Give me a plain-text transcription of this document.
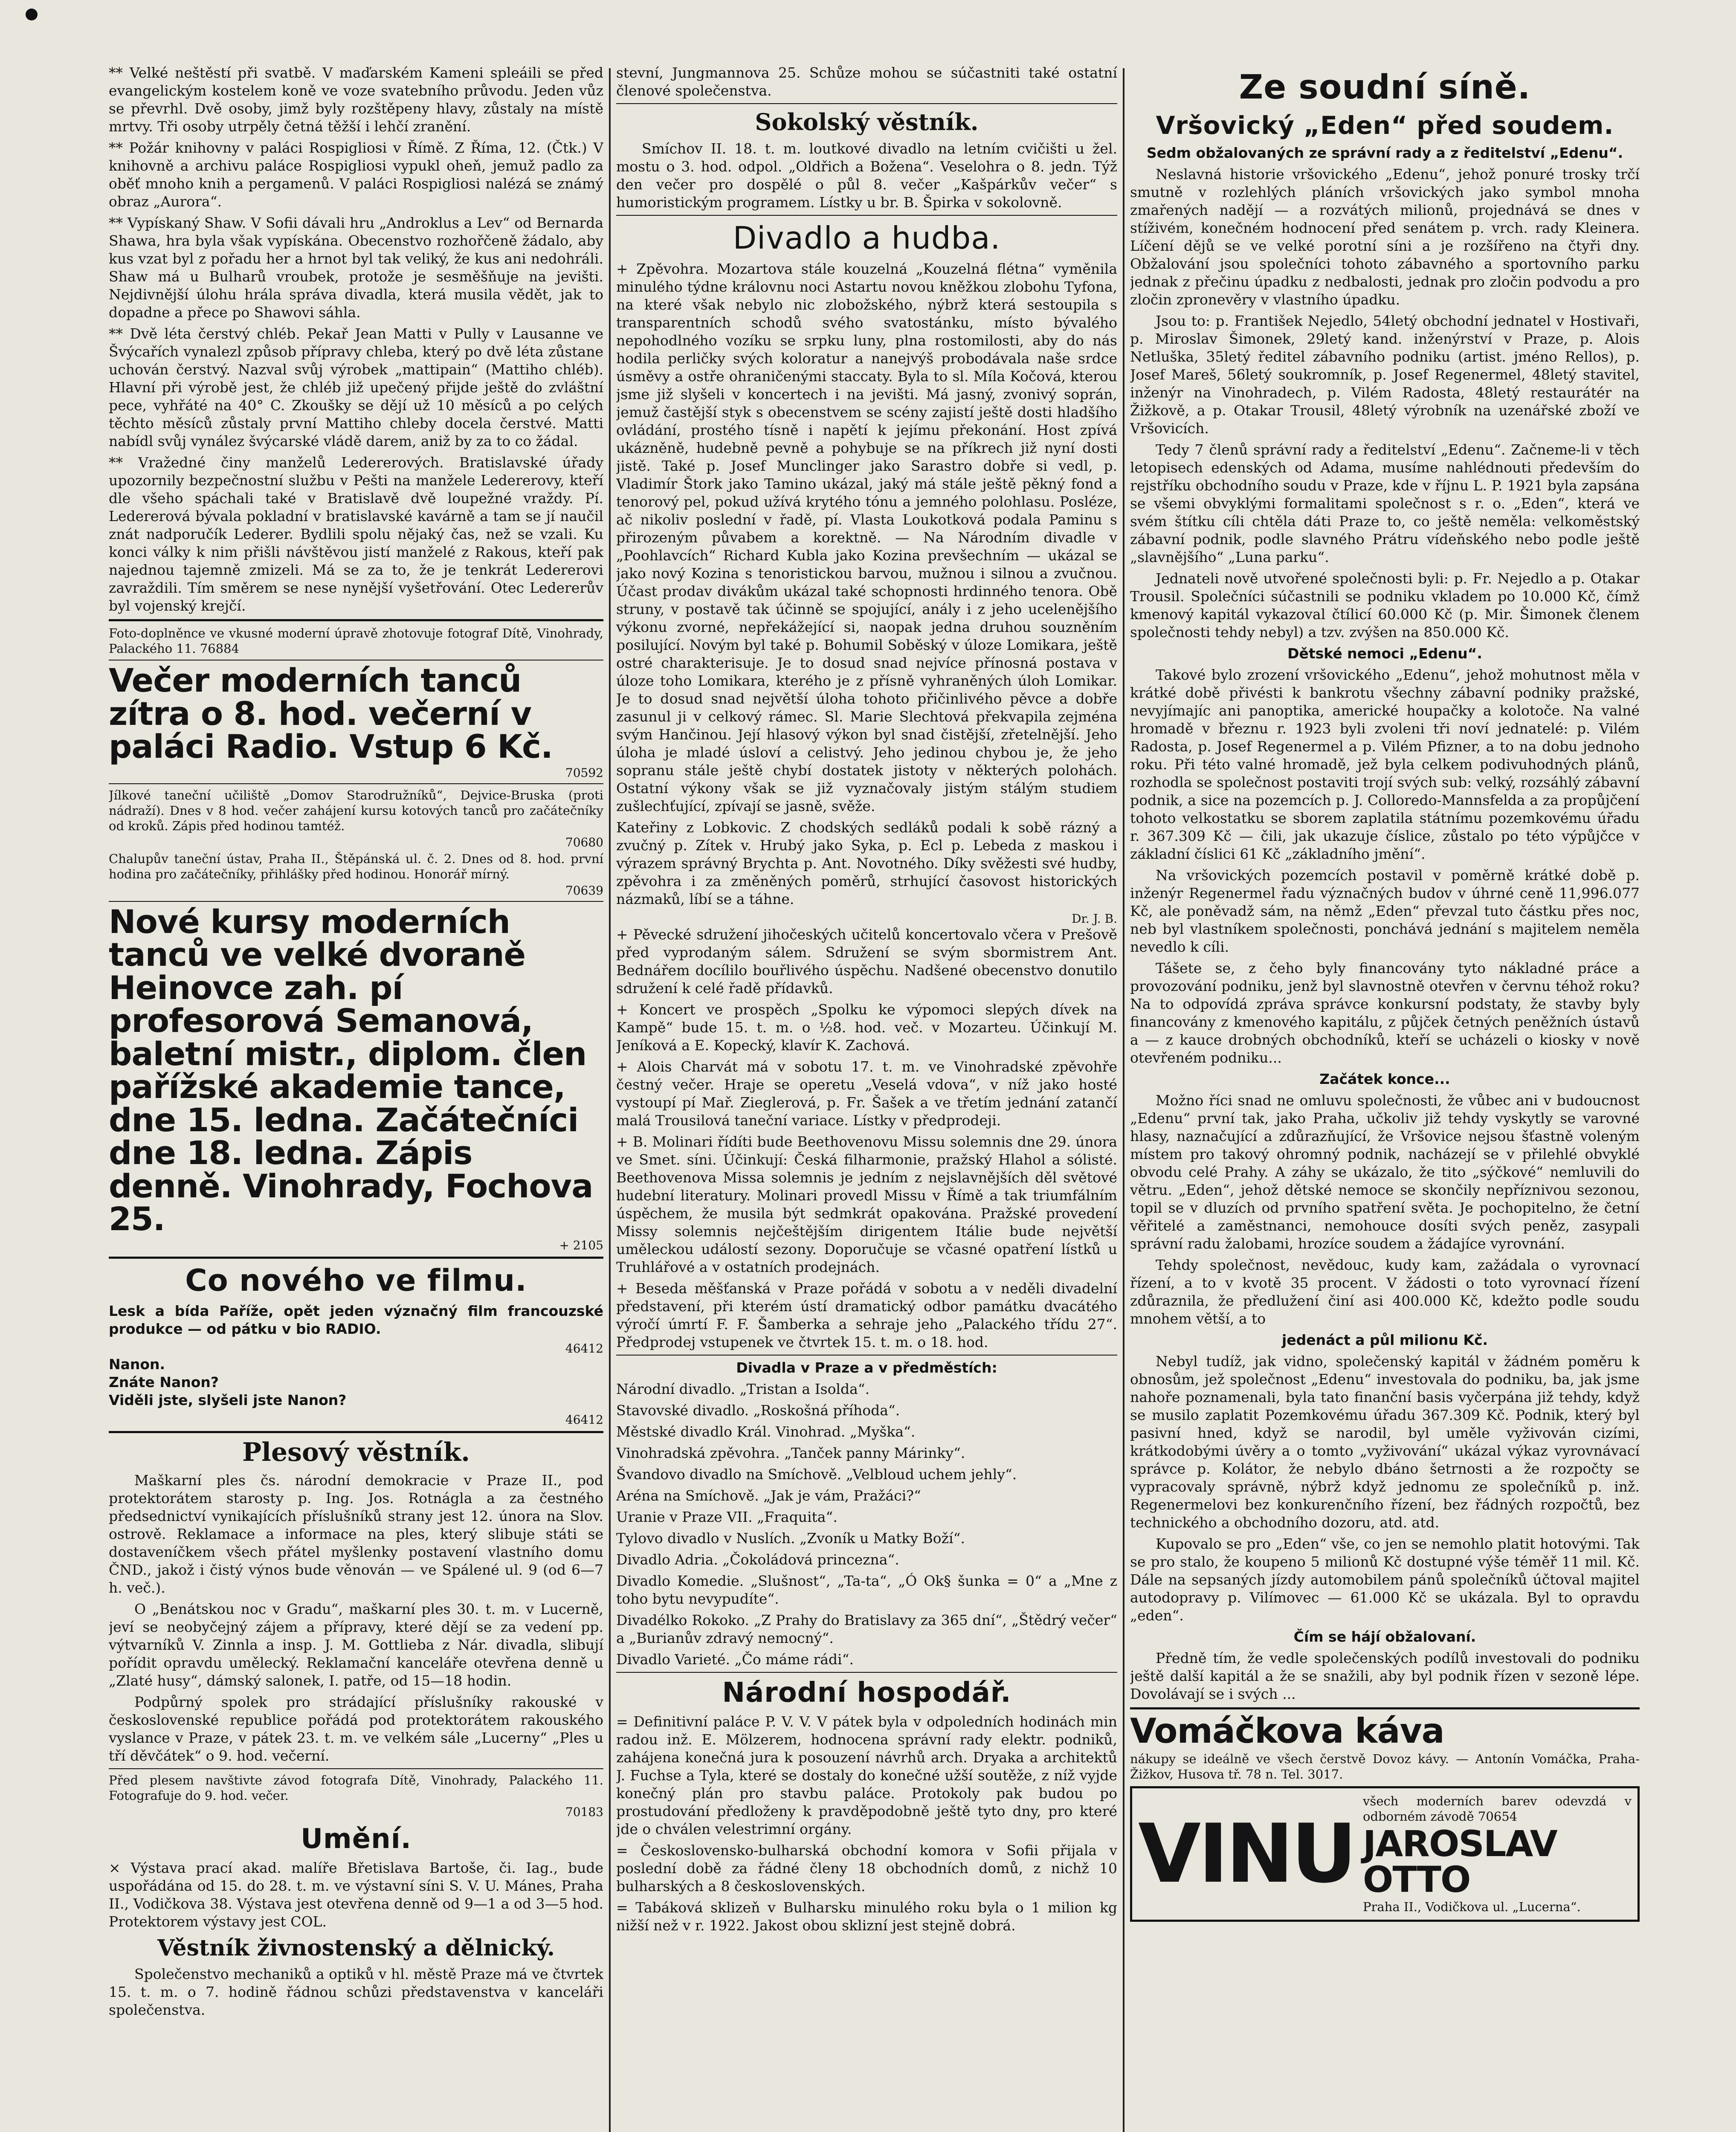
** Velké neštěstí při svatbě. V maďarském Kameni spleáili se před evangelickým kostelem koně ve voze svatebního průvodu. Jeden vůz se převrhl. Dvě osoby, jimž byly rozštěpeny hlavy, zůstaly na místě mrtvy. Tři osoby utrpěly četná těžší i lehčí zranění.

** Požár knihovny v paláci Rospigliosi v Římě. Z Říma, 12. (Čtk.) V knihovně a archivu paláce Rospigliosi vypukl oheň, jemuž padlo za oběť mnoho knih a pergamenů. V paláci Rospigliosi nalézá se známý obraz „Aurora“.

** Vypískaný Shaw. V Sofii dávali hru „Androklus a Lev“ od Bernarda Shawa, hra byla však vypískána. Obecenstvo rozhořčeně žádalo, aby kus vzat byl z pořadu her a hrnot byl tak veliký, že kus ani nedohráli. Shaw má u Bulharů vroubek, protože je sesměšňuje na jevišti. Nejdivnější úlohu hrála správa divadla, která musila vědět, jak to dopadne a přece po Shawovi sáhla.

** Dvě léta čerstvý chléb. Pekař Jean Matti v Pully v Lausanne ve Švýcařích vynalezl způsob přípravy chleba, který po dvě léta zůstane uchován čerstvý. Nazval svůj výrobek „mattipain“ (Mattiho chléb). Hlavní při výrobě jest, že chléb již upečený přijde ještě do zvláštní pece, vyhřáté na 40° C. Zkoušky se dějí už 10 měsíců a po celých těchto měsíců zůstaly první Mattiho chleby docela čerstvé. Matti nabídl svůj vynález švýcarské vládě darem, aniž by za to co žádal.

** Vražedné činy manželů Ledererových. Bratislavské úřady upozornily bezpečnostní službu v Pešti na manžele Ledererovy, kteří dle všeho spáchali také v Bratislavě dvě loupežné vraždy. Pí. Ledererová bývala pokladní v bratislavské kavárně a tam se jí naučil znát nadporučík Lederer. Bydlili spolu nějaký čas, než se vzali. Ku konci války k nim přišli návštěvou jistí manželé z Rakous, kteří pak najednou tajemně zmizeli. Má se za to, že je tenkrát Ledererovi zavraždili. Tím směrem se nese nynější vyšetřování. Otec Ledererův byl vojenský krejčí.

Foto-doplněnce ve vkusné moderní úpravě zhotovuje fotograf Dítě, Vinohrady, Palackého 11. 76884

Večer moderních tanců zítra o 8. hod. večerní v paláci Radio. Vstup 6 Kč.
70592

Jílkové taneční učiliště „Domov Starodružníků“, Dejvice-Bruska (proti nádraží). Dnes v 8 hod. večer zahájení kursu kotových tanců pro začátečníky od kroků. Zápis před hodinou tamtéž.

70680

Chalupův taneční ústav, Praha II., Štěpánská ul. č. 2. Dnes od 8. hod. první hodina pro začátečníky, přihlášky před hodinou. Honorář mírný.

70639
Nové kursy moderních tanců ve velké dvoraně Heinovce zah. pí profesorová Semanová, baletní mistr., diplom. člen pařížské akademie tance, dne 15. ledna. Začátečníci dne 18. ledna. Zápis denně. Vinohrady, Fochova 25.
+ 2105
Co nového ve filmu.

Lesk a bída Paříže, opět jeden význačný film francouzské produkce — od pátku v bio RADIO.

46412
Nanon.
Znáte Nanon?
Viděli jste, slyšeli jste Nanon?
46412
Plesový věstník.

Maškarní ples čs. národní demokracie v Praze II., pod protektorátem starosty p. Ing. Jos. Rotnágla a za čestného předsednictví vynikajících příslušníků strany jest 12. února na Slov. ostrově. Reklamace a informace na ples, který slibuje státi se dostaveníčkem všech přátel myšlenky postavení vlastního domu ČND., jakož i čistý výnos bude věnován — ve Spálené ul. 9 (od 6—7 h. več.).

O „Benátskou noc v Gradu“, maškarní ples 30. t. m. v Lucerně, jeví se neobyčejný zájem a přípravy, které dějí se za vedení pp. výtvarníků V. Zinnla a insp. J. M. Gottlieba z Nár. divadla, slibují pořídit opravdu umělecký. Reklamační kanceláře otevřena denně u „Zlaté husy“, dámský salonek, I. patře, od 15—18 hodin.

Podpůrný spolek pro strádající příslušníky rakouské v československé republice pořádá pod protektorátem rakouského vyslance v Praze, v pátek 23. t. m. ve velkém sále „Lucerny“ „Ples u tří děvčátek“ o 9. hod. večerní.

Před plesem navštivte závod fotografa Dítě, Vinohrady, Palackého 11. Fotografuje do 9. hod. večer.

70183
Umění.

× Výstava prací akad. malíře Břetislava Bartoše, či. Iag., bude uspořádána od 15. do 28. t. m. ve výstavní síni S. V. U. Mánes, Praha II., Vodičkova 38. Výstava jest otevřena denně od 9—1 a od 3—5 hod. Protektorem výstavy jest COL.

Věstník živnostenský a dělnický.

Společenstvo mechaniků a optiků v hl. městě Praze má ve čtvrtek 15. t. m. o 7. hodině řádnou schůzi představenstva v kanceláři společenstva.

stevní, Jungmannova 25. Schůze mohou se súčastniti také ostatní členové společenstva.

Sokolský věstník.

Smíchov II. 18. t. m. loutkové divadlo na letním cvičišti u žel. mostu o 3. hod. odpol. „Oldřich a Božena“. Veselohra o 8. jedn. Týž den večer pro dospělé o půl 8. večer „Kašpárkův večer“ s humoristickým programem. Lístky u br. B. Špirka v sokolovně.

Divadlo a hudba.

+ Zpěvohra. Mozartova stále kouzelná „Kouzelná flétna“ vyměnila minulého týdne královnu noci Astartu novou kněžkou zlobohu Tyfona, na které však nebylo nic zlobožského, nýbrž která sestoupila s transparentních schodů svého svatostánku, místo bývalého nepohodlného vozíku se srpku luny, plna rostomilosti, aby do nás hodila perličky svých koloratur a nanejvýš probodávala naše srdce úsměvy a ostře ohraničenými staccaty. Byla to sl. Míla Kočová, kterou jsme již slyšeli v koncertech i na jevišti. Má jasný, zvonivý soprán, jemuž častější styk s obecenstvem se scény zajistí ještě dosti hladšího ovládání, prostého tísně i napětí k jejímu překonání. Host zpívá ukázněně, hudebně pevně a pohybuje se na příkrech již nyní dosti jistě. Také p. Josef Munclinger jako Sarastro dobře si vedl, p. Vladimír Štork jako Tamino ukázal, jaký má stále ještě pěkný fond a tenorový pel, pokud užívá krytého tónu a jemného polohlasu. Posléze, ač nikoliv poslední v řadě, pí. Vlasta Loukotková podala Paminu s přirozeným půvabem a korektně. — Na Národním divadle v „Poohlavcích“ Richard Kubla jako Kozina prevšechním — ukázal se jako nový Kozina s tenoristickou barvou, mužnou i silnou a zvučnou. Účast prodav divákům ukázal také schopnosti hrdinného tenora. Obě struny, v postavě tak účinně se spojující, anály i z jeho ucelenějšího výkonu zvorné, nepřekážející si, naopak jedna druhou souzněním posilující. Novým byl také p. Bohumil Soběský v úloze Lomikara, ještě ostré charakterisuje. Je to dosud snad nejvíce přínosná postava v úloze toho Lomikara, kterého je z přísně vyhraněných úloh Lomikar. Je to dosud snad největší úloha tohoto přičinlivého pěvce a dobře zasunul ji v celkový rámec. Sl. Marie Slechtová překvapila zejména svým Hančinou. Její hlasový výkon byl snad čistější, zřetelnější. Jeho úloha je mladé úsloví a celistvý. Jeho jedinou chybou je, že jeho sopranu stále ještě chybí dostatek jistoty v některých polohách. Ostatní výkony však se již vyznačovaly jistým stálým studiem zušlechťující, zpívají se jasně, svěže.

Kateřiny z Lobkovic. Z chodských sedláků podali k sobě rázný a zvučný p. Zítek v. Hrubý jako Syka, p. Ecl p. Lebeda z maskou i výrazem správný Brychta p. Ant. Novotného. Díky svěžesti své hudby, zpěvohra i za změněných poměrů, strhující časovost historických názmaků, líbí se a táhne.

Dr. J. B.

+ Pěvecké sdružení jihočeských učitelů koncertovalo včera v Prešově před vyprodaným sálem. Sdružení se svým sbormistrem Ant. Bednářem docílilo bouřlivého úspěchu. Nadšené obecenstvo donutilo sdružení k celé řadě přídavků.

+ Koncert ve prospěch „Spolku ke výpomoci slepých dívek na Kampě“ bude 15. t. m. o ½8. hod. več. v Mozarteu. Účinkují M. Jeníková a E. Kopecký, klavír K. Zachová.

+ Alois Charvát má v sobotu 17. t. m. ve Vinohradské zpěvohře čestný večer. Hraje se operetu „Veselá vdova“, v níž jako hosté vystoupí pí Mař. Zieglerová, p. Fr. Šašek a ve třetím jednání zatančí malá Trousilová taneční variace. Lístky v předprodeji.

+ B. Molinari řídíti bude Beethovenovu Missu solemnis dne 29. února ve Smet. síni. Účinkují: Česká filharmonie, pražský Hlahol a sólisté. Beethovenova Missa solemnis je jedním z nejslavnějších děl světové hudební literatury. Molinari provedl Missu v Římě a tak triumfálním úspěchem, že musila být sedmkrát opakována. Pražské provedení Missy solemnis nejčeštějším dirigentem Itálie bude největší uměleckou událostí sezony. Doporučuje se včasné opatření lístků u Truhlářové a v ostatních prodejnách.

+ Beseda měšťanská v Praze pořádá v sobotu a v neděli divadelní představení, při kterém ústí dramatický odbor památku dvacátého výročí úmrtí F. F. Šamberka a sehraje jeho „Palackého třídu 27“. Předprodej vstupenek ve čtvrtek 15. t. m. o 18. hod.

Divadla v Praze a v předměstích:
Národní divadlo. „Tristan a Isolda“.
Stavovské divadlo. „Roskošná příhoda“.
Městské divadlo Král. Vinohrad. „Myška“.
Vinohradská zpěvohra. „Tanček panny Márinky“.
Švandovo divadlo na Smíchově. „Velbloud uchem jehly“.
Aréna na Smíchově. „Jak je vám, Pražáci?“
Uranie v Praze VII. „Fraquita“.
Tylovo divadlo v Nuslích. „Zvoník u Matky Boží“.
Divadlo Adria. „Čokoládová princezna“.
Divadlo Komedie. „Slušnost“, „Ta-ta“, „Ó Ok§ šunka = 0“ a „Mne z toho bytu nevypudíte“.
Divadélko Rokoko. „Z Prahy do Bratislavy za 365 dní“, „Štědrý večer“ a „Burianův zdravý nemocný“.
Divadlo Varieté. „Čo máme rádi“.
Národní hospodář.

= Definitivní paláce P. V. V. V pátek byla v odpoledních hodinách min radou inž. E. Mölzerem, hodnocena správní rady elektr. podniků, zahájena konečná jura k posouzení návrhů arch. Dryaka a architektů J. Fuchse a Tyla, které se dostaly do konečné užší soutěže, z níž vyjde konečný plán pro stavbu paláce. Protokoly pak budou po prostudování předloženy k pravděpodobně ještě tyto dny, pro které jde o chválen velestrimní orgány.

= Československo-bulharská obchodní komora v Sofii přijala v poslední době za řádné členy 18 obchodních domů, z nichž 10 bulharských a 8 československých.

= Tabáková sklizeň v Bulharsku minulého roku byla o 1 milion kg nižší než v r. 1922. Jakost obou sklizní jest stejně dobrá.

Ze soudní síně.
Vršovický „Eden“ před soudem.
Sedm obžalovaných ze správní rady a z ředitelství „Edenu“.

Neslavná historie vršovického „Edenu“, jehož ponuré trosky trčí smutně v rozlehlých pláních vršovických jako symbol mnoha zmařených nadějí — a rozvátých milionů, projednává se dnes v stíživém, konečném hodnocení před senátem p. vrch. rady Kleinera. Líčení dějů se ve velké porotní síni a je rozšířeno na čtyři dny. Obžalování jsou společníci tohoto zábavného a sportovního parku jednak z přečinu úpadku z nedbalosti, jednak pro zločin podvodu a pro zločin zpronevěry v vlastního úpadku.

Jsou to: p. František Nejedlo, 54letý obchodní jednatel v Hostivaři, p. Miroslav Šimonek, 29letý kand. inženýrství v Praze, p. Alois Netluška, 35letý ředitel zábavního podniku (artist. jméno Rellos), p. Josef Mareš, 56letý soukromník, p. Josef Regenermel, 48letý stavitel, inženýr na Vinohradech, p. Vilém Radosta, 48letý restaurátér na Žižkově, a p. Otakar Trousil, 48letý výrobník na uzenářské zboží ve Vršovicích.

Tedy 7 členů správní rady a ředitelství „Edenu“. Začneme-li v těch letopisech edenských od Adama, musíme nahlédnouti především do rejstříku obchodního soudu v Praze, kde v říjnu L. P. 1921 byla zapsána se všemi obvyklými formalitami společnost s r. o. „Eden“, která ve svém štítku cíli chtěla dáti Praze to, co ještě neměla: velkoměstský zábavní podnik, podle slavného Prátru vídeňského nebo podle ještě „slavnějšího“ „Luna parku“.

Jednateli nově utvořené společnosti byli: p. Fr. Nejedlo a p. Otakar Trousil. Společníci súčastnili se podniku vkladem po 10.000 Kč, čímž kmenový kapitál vykazoval čtílicí 60.000 Kč (p. Mir. Šimonek členem společnosti tehdy nebyl) a tzv. zvýšen na 850.000 Kč.

Dětské nemoci „Edenu“.

Takové bylo zrození vršovického „Edenu“, jehož mohutnost měla v krátké době přivésti k bankrotu všechny zábavní podniky pražské, nevyjímajíc ani panoptika, americké houpačky a kolotoče. Na valné hromadě v březnu r. 1923 byli zvoleni tři noví jednatelé: p. Vilém Radosta, p. Josef Regenermel a p. Vilém Pfizner, a to na dobu jednoho roku. Při této valné hromadě, jež byla celkem podivuhodných plánů, rozhodla se společnost postaviti trojí svých sub: velký, rozsáhlý zábavní podnik, a sice na pozemcích p. J. Colloredo-Mannsfelda a za propůjčení tohoto velkostatku se sborem zaplatila státnímu pozemkovému úřadu r. 367.309 Kč — čili, jak ukazuje číslice, zůstalo po této výpůjčce v základní číslici 61 Kč „základního jmění“.

Na vršovických pozemcích postavil v poměrně krátké době p. inženýr Regenermel řadu význačných budov v úhrné ceně 11,996.077 Kč, ale poněvadž sám, na němž „Eden“ převzal tuto částku přes noc, neb byl vlastníkem společnosti, ponchává jednání s majitelem neměla nevedlo k cíli.

Tášete se, z čeho byly financovány tyto nákladné práce a provozování podniku, jenž byl slavnostně otevřen v červnu téhož roku? Na to odpovídá zpráva správce konkursní podstaty, že stavby byly financovány z kmenového kapitálu, z půjček četných peněžních ústavů a — z kauce drobných obchodníků, kteří se ucházeli o kiosky v nově otevřeném podniku...

Začátek konce...

Možno říci snad ne omluvu společnosti, že vůbec ani v budoucnost „Edenu“ první tak, jako Praha, učkoliv již tehdy vyskytly se varovné hlasy, naznačující a zdůrazňující, že Vršovice nejsou šťastně voleným místem pro takový ohromný podnik, nacházejí se v přilehlé obvyklé obvodu celé Prahy. A záhy se ukázalo, že tito „sýčkové“ nemluvili do větru. „Eden“, jehož dětské nemoce se skončily nepříznivou sezonou, topil se v dluzích od prvního spatření světa. Je pochopitelno, že četní věřitelé a zaměstnanci, nemohouce dosíti svých peněz, zasypali správní radu žalobami, hrozíce soudem a žádajíce vyrovnání.

Tehdy společnost, nevědouc, kudy kam, zažádala o vyrovnací řízení, a to v kvotě 35 procent. V žádosti o toto vyrovnací řízení zdůraznila, že předlužení činí asi 400.000 Kč, kdežto podle soudu mnohem větší, a to

jedenáct a půl milionu Kč.

Nebyl tudíž, jak vidno, společenský kapitál v žádném poměru k obnosům, jež společnost „Edenu“ investovala do podniku, ba, jak jsme nahoře poznamenali, byla tato finanční basis vyčerpána již tehdy, když se musilo zaplatit Pozemkovému úřadu 367.309 Kč. Podnik, který byl pasivní hned, když se narodil, byl uměle vyživován cizími, krátkodobými úvěry a o tomto „vyživování“ ukázal výkaz vyrovnávací správce p. Kolátor, že nebylo dbáno šetrnosti a že rozpočty se vypracovaly správně, nýbrž když jednomu ze společníků p. inž. Regenermelovi bez konkurenčního řízení, bez řádných rozpočtů, bez technického a obchodního dozoru, atd. atd.

Kupovalo se pro „Eden“ vše, co jen se nemohlo platit hotovými. Tak se pro stalo, že koupeno 5 milionů Kč dostupné výše téměř 11 mil. Kč. Dále na sepsaných jízdy automobilem pánů společníků účtoval majitel autodopravy p. Vilímovec — 61.000 Kč se ukázala. Byl to opravdu „eden“.

Čím se hájí obžalovaní.

Předně tím, že vedle společenských podílů investovali do podniku ještě další kapitál a že se snažili, aby byl podnik řízen v sezoně lépe. Dovolávají se i svých ...

Vomáčkova káva

nákupy se ideálně ve všech čerstvě Dovoz kávy. — Antonín Vomáčka, Praha-Žižkov, Husova tř. 78 n. Tel. 3017.

VINU
všech moderních barev odevzdá v odborném závodě 70654
JAROSLAV OTTO
Praha II., Vodičkova ul. „Lucerna“.
